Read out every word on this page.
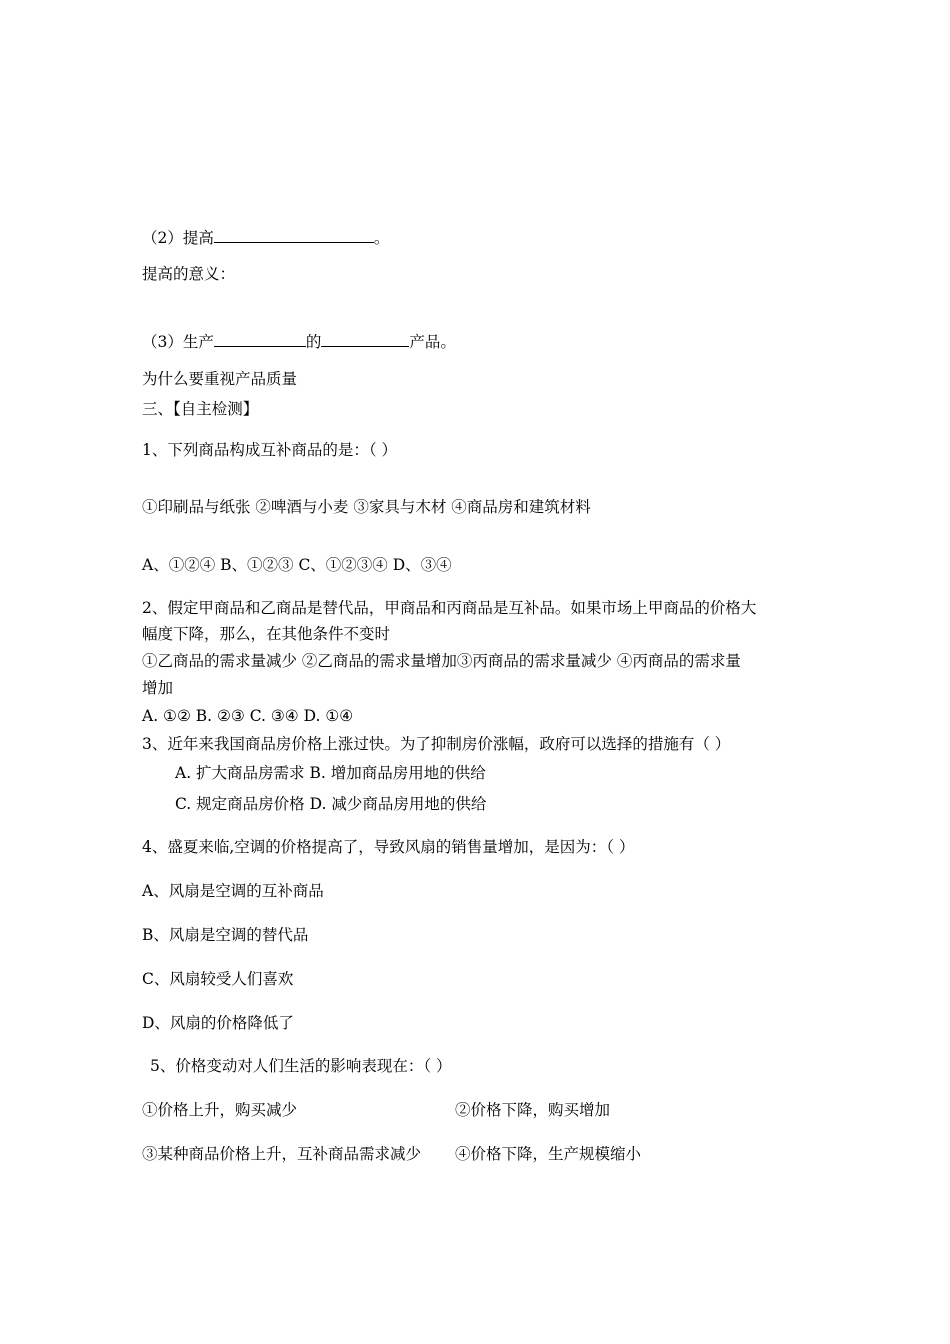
（2）提高	。
提高的意义：
（3）生产	的	产品。
为什么要重视产品质量
三、【自主检测】
1、下列商品构成互补商品的是：（ ）
①印刷品与纸张 ②啤酒与小麦 ③家具与木材 ④商品房和建筑材料
A、①②④ B、①②③ C、①②③④ D、③④
2、假定甲商品和乙商品是替代品，甲商品和丙商品是互补品。如果市场上甲商品的价格大
幅度下降，那么，在其他条件不变时
①乙商品的需求量减少 ②乙商品的需求量增加③丙商品的需求量减少 ④丙商品的需求量
增加
A. ①② B. ②③ C. ③④ D. ①④
3、近年来我国商品房价格上涨过快。为了抑制房价涨幅，政府可以选择的措施有（ ）
A. 扩大商品房需求 B. 增加商品房用地的供给
C. 规定商品房价格 D. 减少商品房用地的供给
4、盛夏来临,空调的价格提高了，导致风扇的销售量增加，是因为：（ ）
A、风扇是空调的互补商品
B、风扇是空调的替代品
C、风扇较受人们喜欢
D、风扇的价格降低了
5、价格变动对人们生活的影响表现在：（ ）
①价格上升，购买减少	②价格下降，购买增加
③某种商品价格上升，互补商品需求减少 ④价格下降，生产规模缩小
